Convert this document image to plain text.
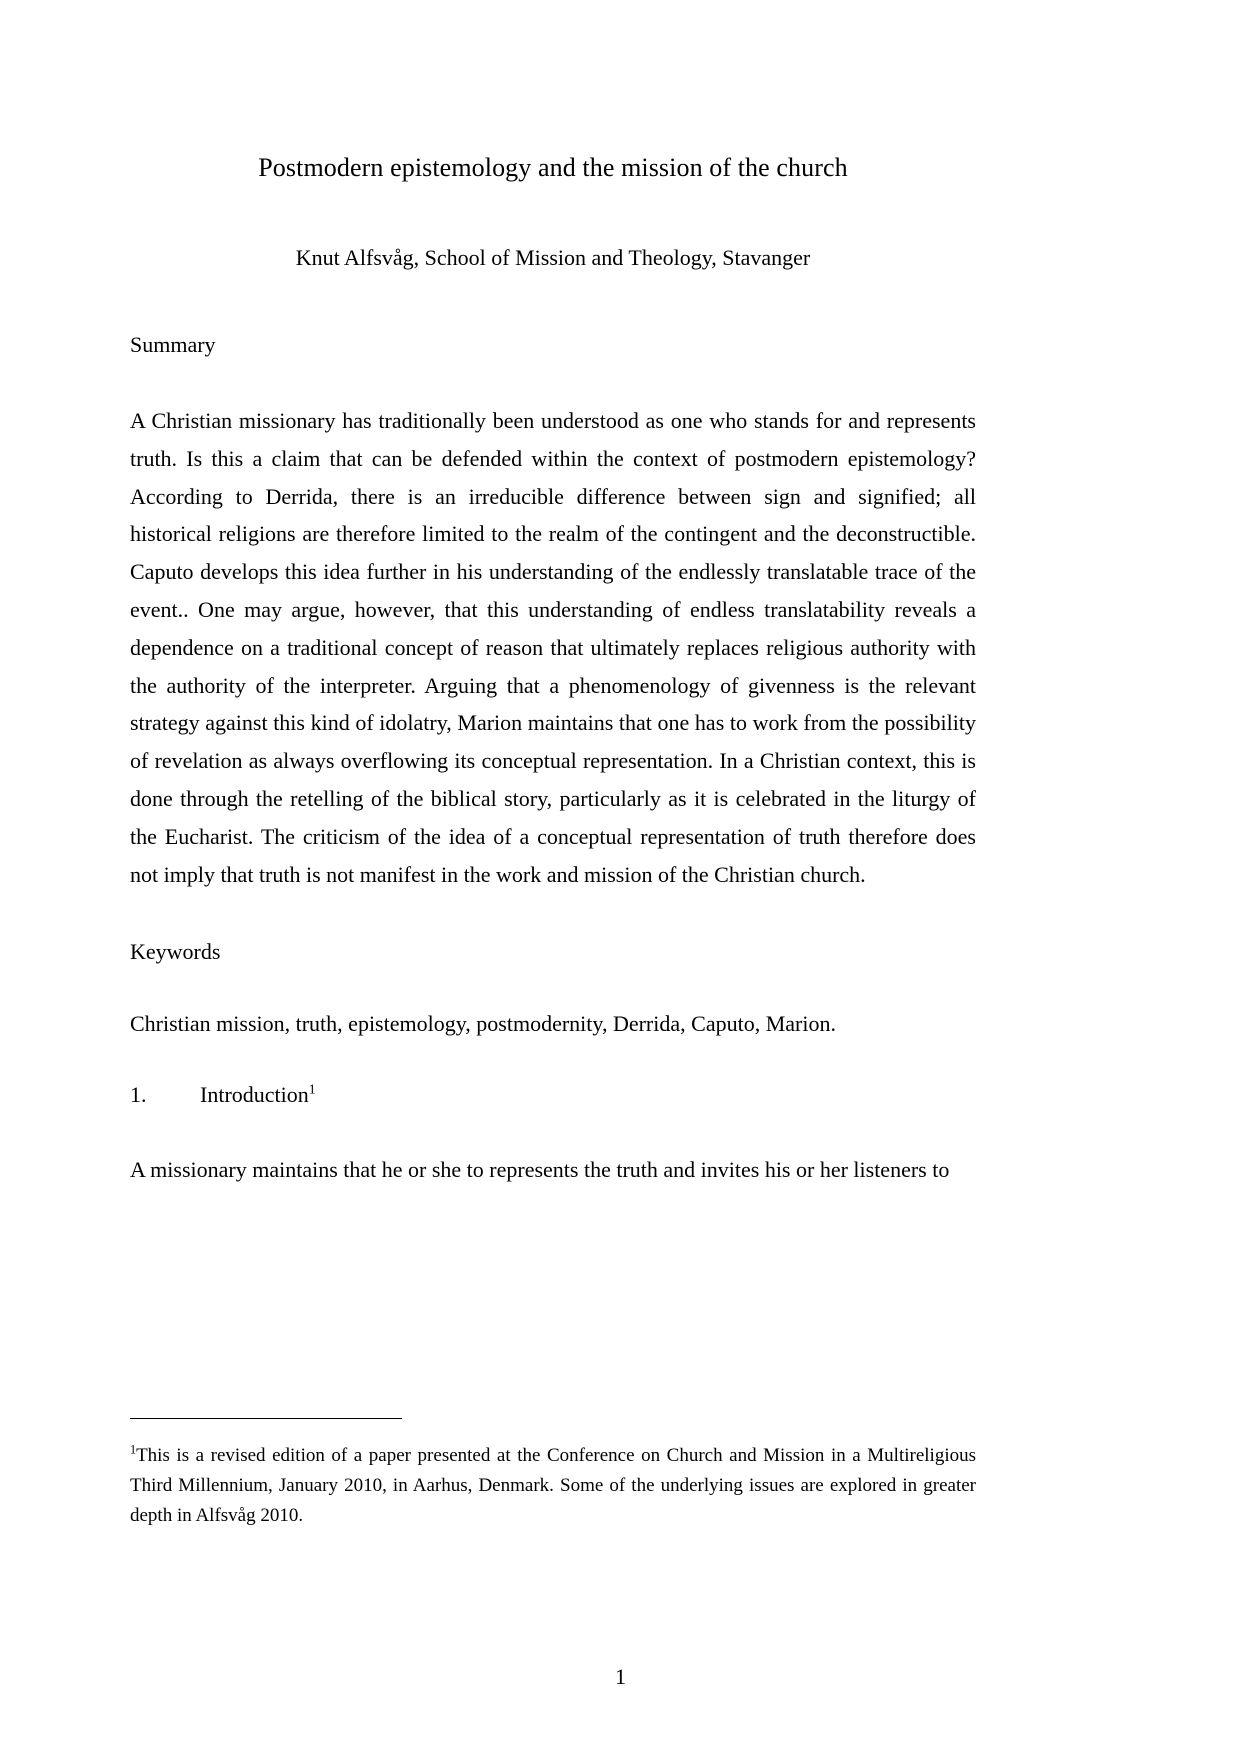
Postmodern epistemology and the mission of the church

Knut Alfsvåg, School of Mission and Theology, Stavanger

Summary

A Christian missionary has traditionally been understood as one who stands for and represents truth. Is this a claim that can be defended within the context of postmodern epistemology? According to Derrida, there is an irreducible difference between sign and signified; all historical religions are therefore limited to the realm of the contingent and the deconstructible. Caputo develops this idea further in his understanding of the endlessly translatable trace of the event.. One may argue, however, that this understanding of endless translatability reveals a dependence on a traditional concept of reason that ultimately replaces religious authority with the authority of the interpreter. Arguing that a phenomenology of givenness is the relevant strategy against this kind of idolatry, Marion maintains that one has to work from the possibility of revelation as always overflowing its conceptual representation. In a Christian context, this is done through the retelling of the biblical story, particularly as it is celebrated in the liturgy of the Eucharist. The criticism of the idea of a conceptual representation of truth therefore does not imply that truth is not manifest in the work and mission of the Christian church.

Keywords

Christian mission, truth, epistemology, postmodernity, Derrida, Caputo, Marion.

1. Introduction$^1$

A missionary maintains that he or she to represents the truth and invites his or her listeners to

$^1$This is a revised edition of a paper presented at the Conference on Church and Mission in a Multireligious Third Millennium, January 2010, in Aarhus, Denmark. Some of the underlying issues are explored in greater depth in Alfsvåg 2010.

1
